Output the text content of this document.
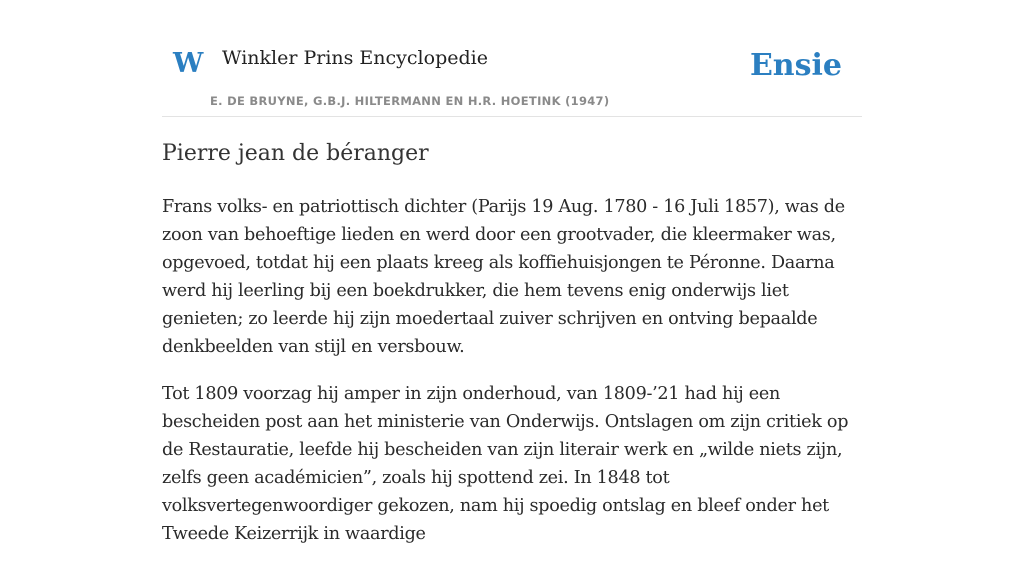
W Winkler Prins Encyclopedie
E. DE BRUYNE, G.B.J. HILTERMANN EN H.R. HOETINK (1947)
Ensie
Pierre jean de béranger

Frans volks- en patriottisch dichter (Parijs 19 Aug. 1780 - 16 Juli 1857), was de zoon van behoeftige lieden en werd door een grootvader, die kleermaker was, opgevoed, totdat hij een plaats kreeg als koffiehuisjongen te Péronne. Daarna werd hij leerling bij een boekdrukker, die hem tevens enig onderwijs liet genieten; zo leerde hij zijn moedertaal zuiver schrijven en ontving bepaalde denkbeelden van stijl en versbouw.

Tot 1809 voorzag hij amper in zijn onderhoud, van 1809-’21 had hij een bescheiden post aan het ministerie van Onderwijs. Ontslagen om zijn critiek op de Restauratie, leefde hij bescheiden van zijn literair werk en „wilde niets zijn, zelfs geen académicien”, zoals hij spottend zei. In 1848 tot volksvertegenwoordiger gekozen, nam hij spoedig ontslag en bleef onder het Tweede Keizerrijk in waardige
